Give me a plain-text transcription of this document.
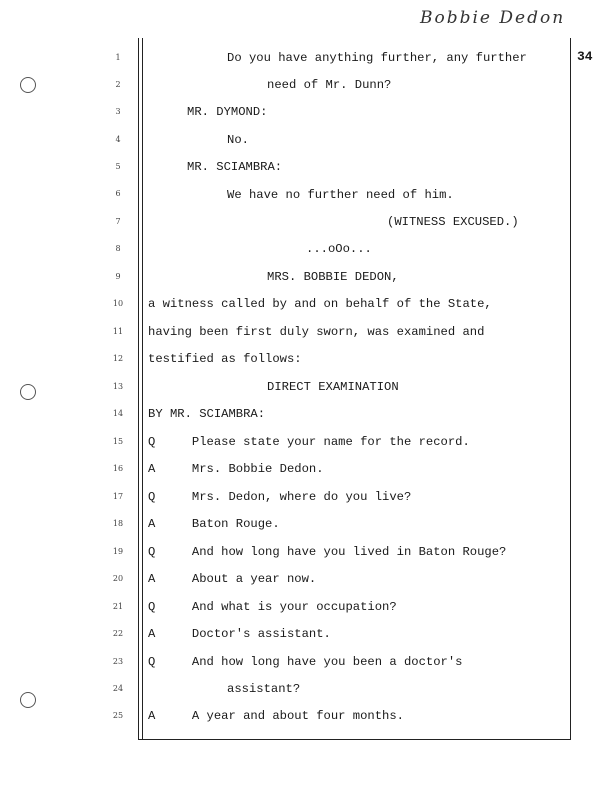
Bobbie Dedon
34
1
2
3
4
5
6
7
8
9
10
11
12
13
14
15
16
17
18
19
20
21
22
23
24
25
Do you have anything further, any further
need of Mr. Dunn?
MR. DYMOND:
No.
MR. SCIAMBRA:
We have no further need of him.
(WITNESS EXCUSED.)
...oOo...
MRS. BOBBIE DEDON,
a witness called by and on behalf of the State,
having been first duly sworn, was examined and
testified as follows:
DIRECT EXAMINATION
BY MR. SCIAMBRA:
Q     Please state your name for the record.
A     Mrs. Bobbie Dedon.
Q     Mrs. Dedon, where do you live?
A     Baton Rouge.
Q     And how long have you lived in Baton Rouge?
A     About a year now.
Q     And what is your occupation?
A     Doctor's assistant.
Q     And how long have you been a doctor's
assistant?
A     A year and about four months.
